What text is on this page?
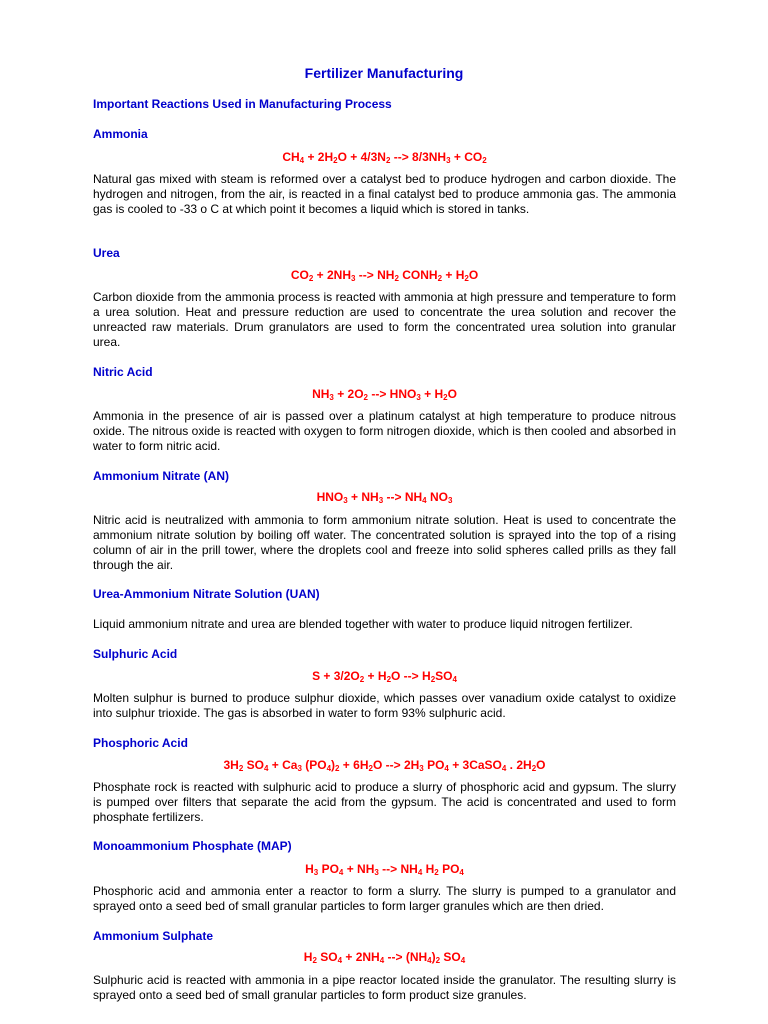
Fertilizer Manufacturing
Important Reactions Used in Manufacturing Process
Ammonia
$CH_4 + 2H_2O + 4/3N_2$ --> $8/3NH_3 + CO_2$
Natural gas mixed with steam is reformed over a catalyst bed to produce hydrogen and carbon dioxide. The hydrogen and nitrogen, from the air, is reacted in a final catalyst bed to produce ammonia gas. The ammonia gas is cooled to -33 o C at which point it becomes a liquid which is stored in tanks.
Urea
$CO_2 + 2NH_3$ --> $NH_2$ $CONH_2 + H_2O$
Carbon dioxide from the ammonia process is reacted with ammonia at high pressure and temperature to form a urea solution. Heat and pressure reduction are used to concentrate the urea solution and recover the unreacted raw materials. Drum granulators are used to form the concentrated urea solution into granular urea.
Nitric Acid
$NH_3 + 2O_2$ --> $HNO_3 + H_2O$
Ammonia in the presence of air is passed over a platinum catalyst at high temperature to produce nitrous oxide. The nitrous oxide is reacted with oxygen to form nitrogen dioxide, which is then cooled and absorbed in water to form nitric acid.
Ammonium Nitrate (AN)
$HNO_3 + NH_3$ --> $NH_4$ $NO_3$
Nitric acid is neutralized with ammonia to form ammonium nitrate solution. Heat is used to concentrate the ammonium nitrate solution by boiling off water. The concentrated solution is sprayed into the top of a rising column of air in the prill tower, where the droplets cool and freeze into solid spheres called prills as they fall through the air.
Urea-Ammonium Nitrate Solution (UAN)
Liquid ammonium nitrate and urea are blended together with water to produce liquid nitrogen fertilizer.
Sulphuric Acid
$S + 3/2O_2 + H_2O$ --> $H_2SO_4$
Molten sulphur is burned to produce sulphur dioxide, which passes over vanadium oxide catalyst to oxidize into sulphur trioxide. The gas is absorbed in water to form 93% sulphuric acid.
Phosphoric Acid
$3H_2$ $SO_4 + Ca_3$ $(PO_4)_2 + 6H_2O$ --> $2H_3$ $PO_4$ + 3CaSO$_4$ . $2H_2O$
Phosphate rock is reacted with sulphuric acid to produce a slurry of phosphoric acid and gypsum. The slurry is pumped over filters that separate the acid from the gypsum. The acid is concentrated and used to form phosphate fertilizers.
Monoammonium Phosphate (MAP)
$H_3$ $PO_4 + NH_3$ --> $NH_4$ $H_2$ $PO_4$
Phosphoric acid and ammonia enter a reactor to form a slurry. The slurry is pumped to a granulator and sprayed onto a seed bed of small granular particles to form larger granules which are then dried.
Ammonium Sulphate
$H_2$ $SO_4 + 2NH_4$ --> $(NH_4)_2$ $SO_4$
Sulphuric acid is reacted with ammonia in a pipe reactor located inside the granulator. The resulting slurry is sprayed onto a seed bed of small granular particles to form product size granules.
